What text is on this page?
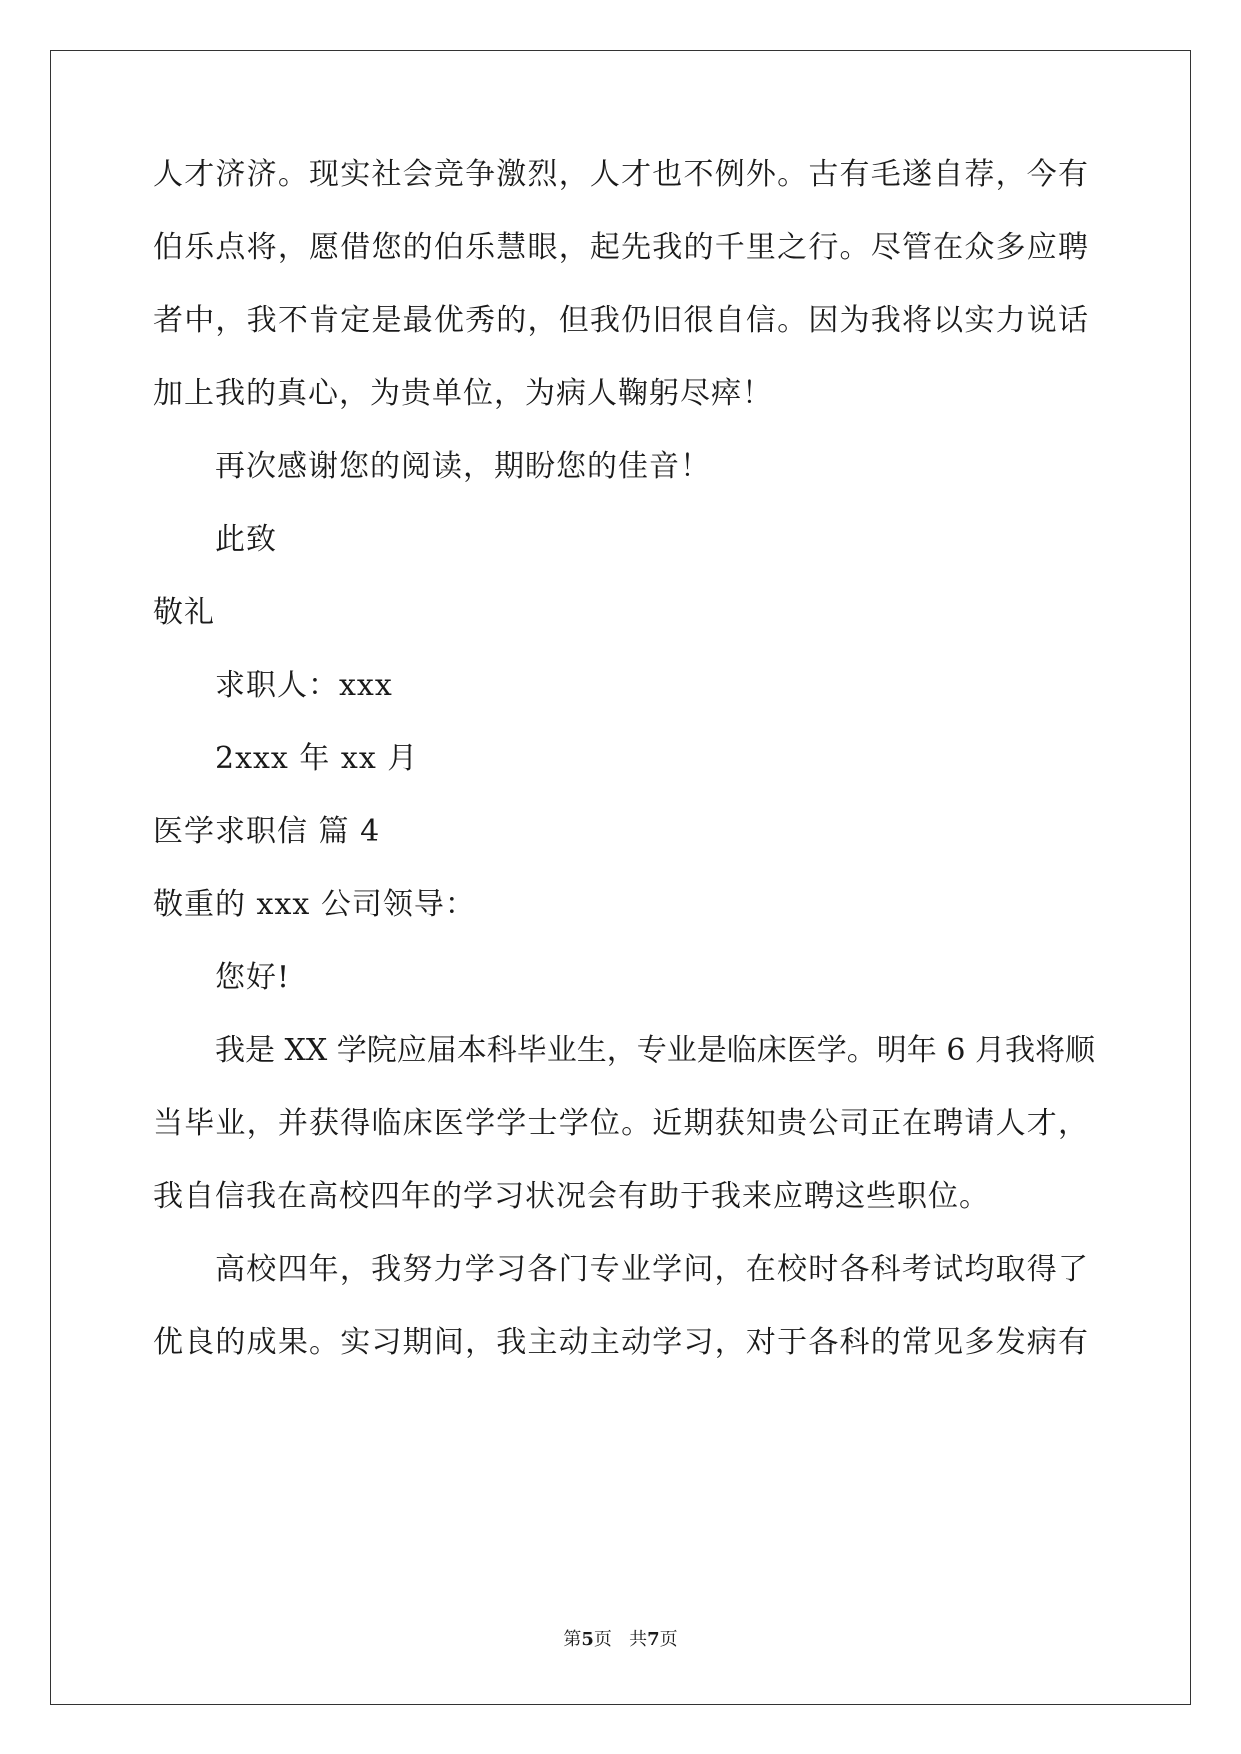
人才济济。现实社会竞争激烈，人才也不例外。古有毛遂自荐，今有
伯乐点将，愿借您的伯乐慧眼，起先我的千里之行。尽管在众多应聘
者中，我不肯定是最优秀的，但我仍旧很自信。因为我将以实力说话
加上我的真心，为贵单位，为病人鞠躬尽瘁！
再次感谢您的阅读，期盼您的佳音！
此致
敬礼
求职人：xxx
2xxx 年 xx 月
医学求职信 篇 4
敬重的 xxx 公司领导：
您好!
我是 XX 学院应届本科毕业生，专业是临床医学。明年 6 月我将顺
当毕业，并获得临床医学学士学位。近期获知贵公司正在聘请人才，
我自信我在高校四年的学习状况会有助于我来应聘这些职位。
高校四年，我努力学习各门专业学问，在校时各科考试均取得了
优良的成果。实习期间，我主动主动学习，对于各科的常见多发病有
第5页   共7页
